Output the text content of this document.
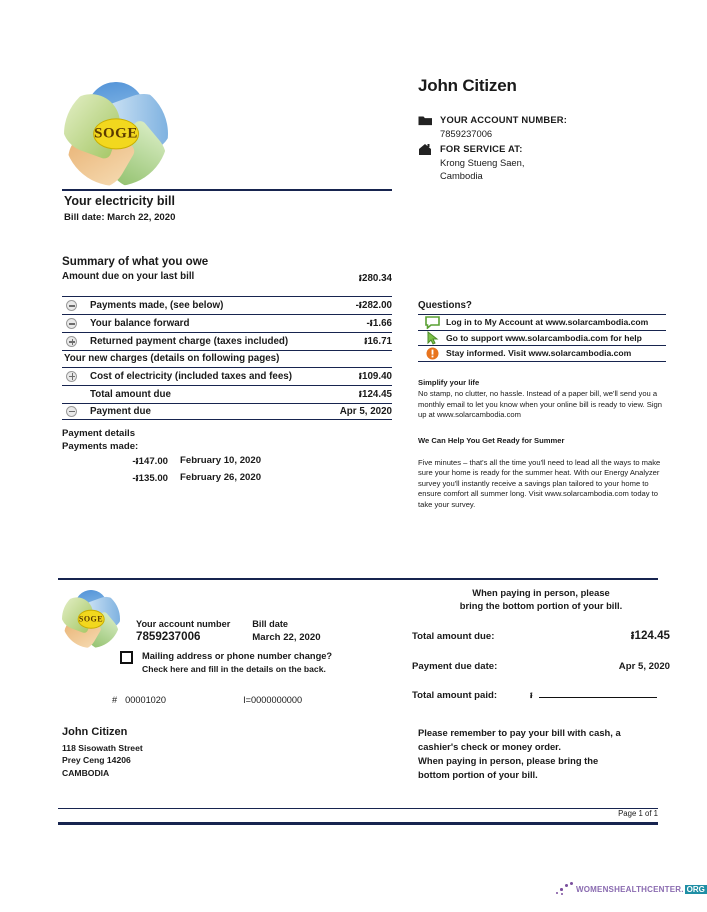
SOGE
John Citizen
YOUR ACCOUNT NUMBER:
7859237006
FOR SERVICE AT:
Krong Stueng Saen,
Cambodia
Your electricity bill
Bill date: March 22, 2020
Summary of what you owe
Amount due on your last bill	៛280.34
Payments made, (see below)	-៛282.00
Your balance forward	-៛1.66
Returned payment charge (taxes included)	៛16.71
Your new charges (details on following pages)
Cost of electricity (included taxes and fees)	៛109.40
Total amount due	៛124.45
Payment due	Apr 5, 2020
Payment details
Payments made:
-៛147.00	February 10, 2020
-៛135.00	February 26, 2020
Questions?
Log in to My Account at www.solarcambodia.com
Go to support www.solarcambodia.com for help
Stay informed. Visit www.solarcambodia.com
Simplify your life
No stamp, no clutter, no hassle. Instead of a paper bill, we'll send you a monthly email to let you know when your online bill is ready to view. Sign up at www.solarcambodia.com
We Can Help You Get Ready for Summer
Five minutes – that's all the time you'll need to lead all the ways to make sure your home is ready for the summer heat. With our Energy Analyzer survey you'll instantly receive a savings plan tailored to your home to ensure comfort all summer long. Visit www.solarcambodia.com today to take your survey.
SOGE
Your account number
7859237006
Bill date
March 22, 2020
Mailing address or phone number change?
Check here and fill in the details on the back.
# 00001020	I=0000000000
John Citizen
118 Sisowath Street
Prey Ceng 14206
CAMBODIA
When paying in person, please
bring the bottom portion of your bill.
Total amount due:	៛124.45
Payment due date:	Apr 5, 2020
Total amount paid:	៛
Please remember to pay your bill with cash, a
cashier's check or money order.
When paying in person, please bring the
bottom portion of your bill.
Page 1 of 1
WOMENSHEALTHCENTER. ORG
